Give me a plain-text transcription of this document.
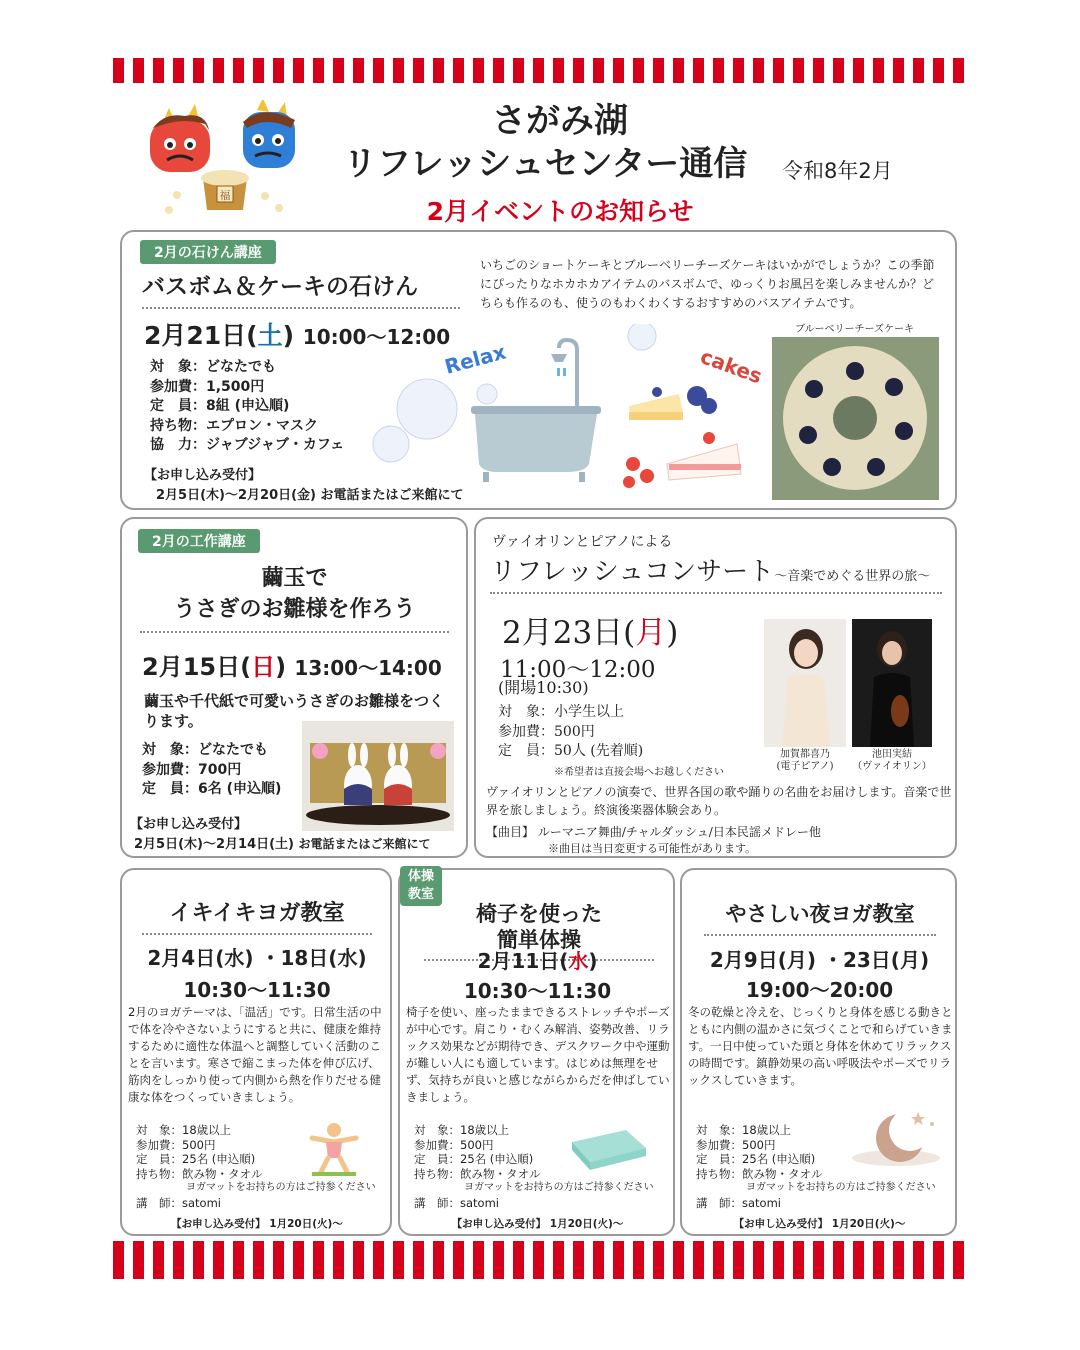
福
さがみ湖
リフレッシュセンター通信	令和8年2月
2月イベントのお知らせ
2月の石けん講座
バスボム＆ケーキの石けん
2月21日(土) 10:00〜12:00
対　象：どなたでも
参加費：1,500円
定　員：8組 (申込順)
持ち物：エプロン・マスク
協　力：ジャブジャブ・カフェ
【お申し込み受付】
2月5日(木)〜2月20日(金) お電話またはご来館にて
いちごのショートケーキとブルーベリーチーズケーキはいかがでしょうか？この季節にぴったりなホカホカアイテムのバスボムで、ゆっくりお風呂を楽しみませんか？どちらも作るのも、使うのもわくわくするおすすめのバスアイテムです。
ブルーベリーチーズケーキ
Relax	cakes
2月の工作講座
繭玉で
うさぎのお雛様を作ろう
2月15日(日) 13:00〜14:00
繭玉や千代紙で可愛いうさぎのお雛様をつくります。
対　象：どなたでも
参加費：700円
定　員：6名 (申込順)
【お申し込み受付】
2月5日(木)〜2月14日(土) お電話またはご来館にて
ヴァイオリンとピアノによる
リフレッシュコンサート〜音楽でめぐる世界の旅〜
2月23日(月)
11:00〜12:00
(開場10:30)
対　象：小学生以上
参加費：500円
定　員：50人 (先着順)
※希望者は直接会場へお越しください
加賀都喜乃
(電子ピアノ)
池田実結
（ヴァイオリン）
ヴァイオリンとピアノの演奏で、世界各国の歌や踊りの名曲をお届けします。音楽で世界を旅しましょう。終演後楽器体験会あり。
【曲目】 ルーマニア舞曲/チャルダッシュ/日本民謡メドレー他
※曲目は当日変更する可能性があります。
イキイキヨガ教室
2月4日(水) ・18日(水)
10:30〜11:30
2月のヨガテーマは、「温活」です。日常生活の中で体を冷やさないようにすると共に、健康を維持するために適性な体温へと調整していく活動のことを言います。寒さで縮こまった体を伸び広げ、筋肉をしっかり使って内側から熱を作りだせる健康な体をつくっていきましょう。
対　象：18歳以上
参加費：500円
定　員：25名 (申込順)
持ち物：飲み物・タオル
ヨガマットをお持ちの方はご持参ください
講　師：satomi
【お申し込み受付】 1月20日(火)〜
椅子を使った
簡単体操
2月11日(水)
10:30〜11:30
椅子を使い、座ったままできるストレッチやポーズが中心です。肩こり・むくみ解消、姿勢改善、リラックス効果などが期待でき、デスクワーク中や運動が難しい人にも適しています。はじめは無理をせず、気持ちが良いと感じながらからだを伸ばしていきましょう。
対　象：18歳以上
参加費：500円
定　員：25名 (申込順)
持ち物：飲み物・タオル
ヨガマットをお持ちの方はご持参ください
講　師：satomi
【お申し込み受付】 1月20日(火)〜
体操
教室
やさしい夜ヨガ教室
2月9日(月) ・23日(月)
19:00〜20:00
冬の乾燥と冷えを、じっくりと身体を感じる動きとともに内側の温かさに気づくことで和らげていきます。一日中使っていた頭と身体を休めてリラックスの時間です。鎮静効果の高い呼吸法やポーズでリラックスしていきます。
対　象：18歳以上
参加費：500円
定　員：25名 (申込順)
持ち物：飲み物・タオル
ヨガマットをお持ちの方はご持参ください
講　師：satomi
【お申し込み受付】 1月20日(火)〜
